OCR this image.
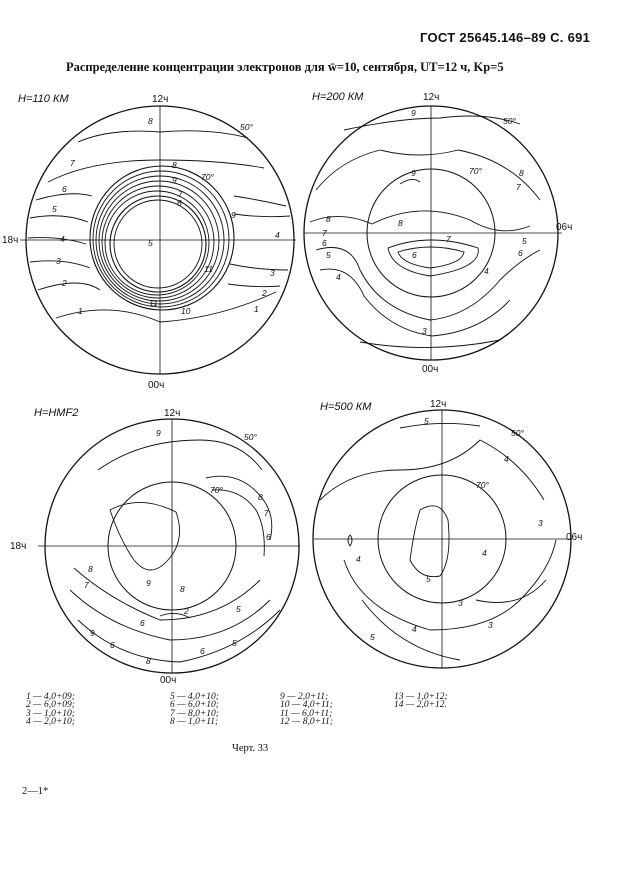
ГОСТ 25645.146–89 С. 691
Распределение концентрации электронов для w̄=10, сентября, UT=12 ч, Kp=5
H=110 КМ	12ч
00ч
18ч
50°
70°
8
7
6
5
4
3
2
1
8
9
7
6
5
9
11
10
11
4
3
2
1
H=200 КМ	12ч
00ч
06ч
50°
70°
9
9
8
7
6
5
4
8
7
6
8
7
5
6
4
3
H=HMF2	12ч
00ч
18ч
50°
70°
9
8
7
6
5
8
7
6
9
8
9
6
2
5
6
8
H=500 КМ	12ч
06ч
50°
70°
5
4
3
4
4
5
3
5
4	3
1 — 4,0+09;
2 — 6,0+09;
3 — 1,0+10;
4 — 2,0+10;
5 — 4,0+10;
6 — 6,0+10;
7 — 8,0+10;
8 — 1,0+11;
9 — 2,0+11;
10 — 4,0+11;
11 — 6,0+11;
12 — 8,0+11;
13 — 1,0+12;
14 — 2,0+12.
Черт. 33
2—1*
